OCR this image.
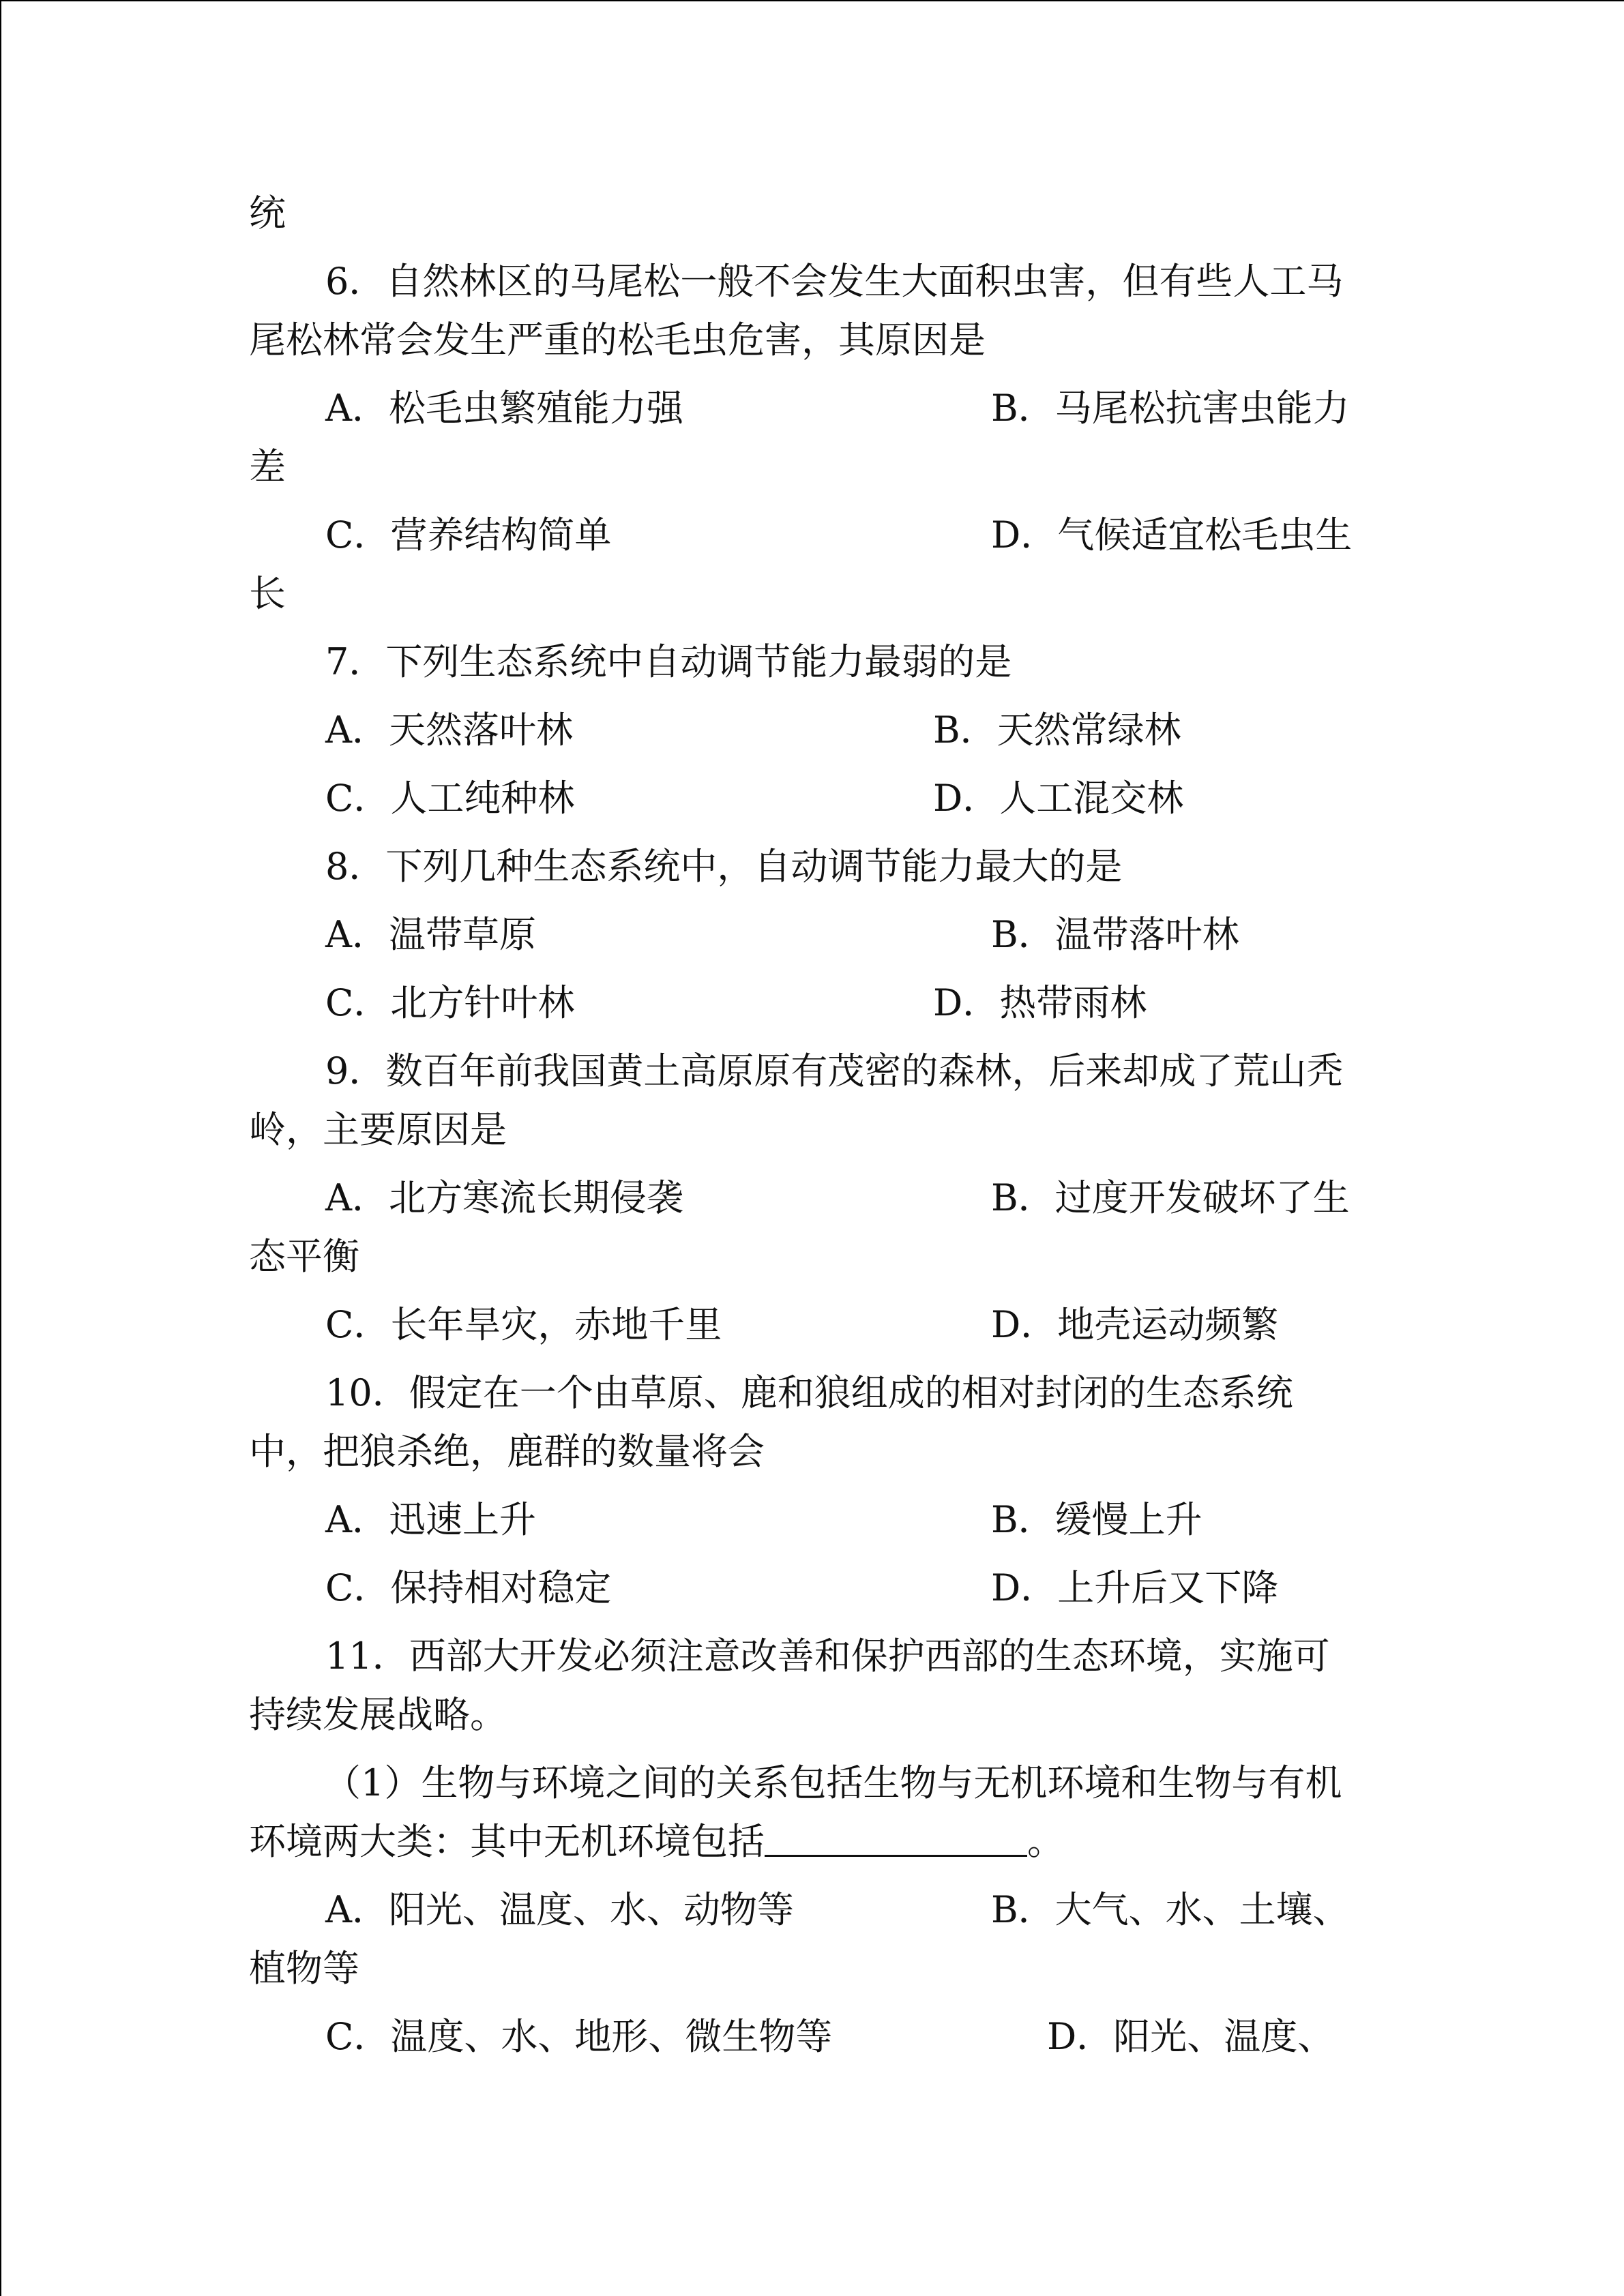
统
6．自然林区的马尾松一般不会发生大面积虫害，但有些人工马
尾松林常会发生严重的松毛虫危害，其原因是
A．松毛虫繁殖能力强	B．马尾松抗害虫能力
差
C．营养结构简单	D．气候适宜松毛虫生
长
7．下列生态系统中自动调节能力最弱的是
A．天然落叶林	B．天然常绿林
C．人工纯种林	D．人工混交林
8．下列几种生态系统中，自动调节能力最大的是
A．温带草原	B．温带落叶林
C．北方针叶林	D．热带雨林
9．数百年前我国黄土高原原有茂密的森林，后来却成了荒山秃
岭，主要原因是
A．北方寒流长期侵袭	B．过度开发破坏了生
态平衡
C．长年旱灾，赤地千里	D．地壳运动频繁
10．假定在一个由草原、鹿和狼组成的相对封闭的生态系统
中，把狼杀绝，鹿群的数量将会
A．迅速上升	B．缓慢上升
C．保持相对稳定	D．上升后又下降
11．西部大开发必须注意改善和保护西部的生态环境，实施可
持续发展战略。
（1）生物与环境之间的关系包括生物与无机环境和生物与有机
环境两大类：其中无机环境包括	。
A．阳光、温度、水、动物等	B．大气、水、土壤、
植物等
C．温度、水、地形、微生物等	D．阳光、温度、
